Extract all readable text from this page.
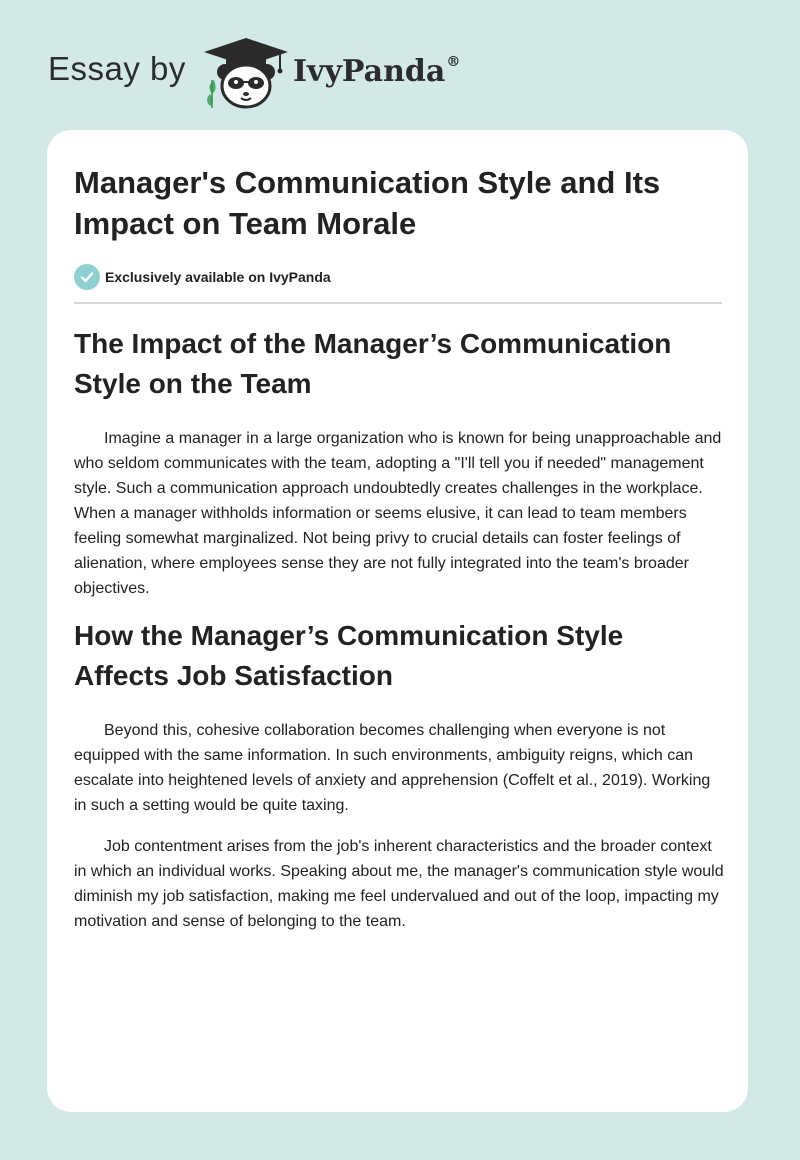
Essay by	IvyPanda®
Manager's Communication Style and Its Impact on Team Morale
Exclusively available on IvyPanda
The Impact of the Manager’s Communication Style on the Team

Imagine a manager in a large organization who is known for being unapproachable and who seldom communicates with the team, adopting a "I'll tell you if needed" management style. Such a communication approach undoubtedly creates challenges in the workplace. When a manager withholds information or seems elusive, it can lead to team members feeling somewhat marginalized. Not being privy to crucial details can foster feelings of alienation, where employees sense they are not fully integrated into the team's broader objectives.

How the Manager’s Communication Style Affects Job Satisfaction

Beyond this, cohesive collaboration becomes challenging when everyone is not equipped with the same information. In such environments, ambiguity reigns, which can escalate into heightened levels of anxiety and apprehension (Coffelt et al., 2019). Working in such a setting would be quite taxing.

Job contentment arises from the job's inherent characteristics and the broader context in which an individual works. Speaking about me, the manager's communication style would diminish my job satisfaction, making me feel undervalued and out of the loop, impacting my motivation and sense of belonging to the team.
